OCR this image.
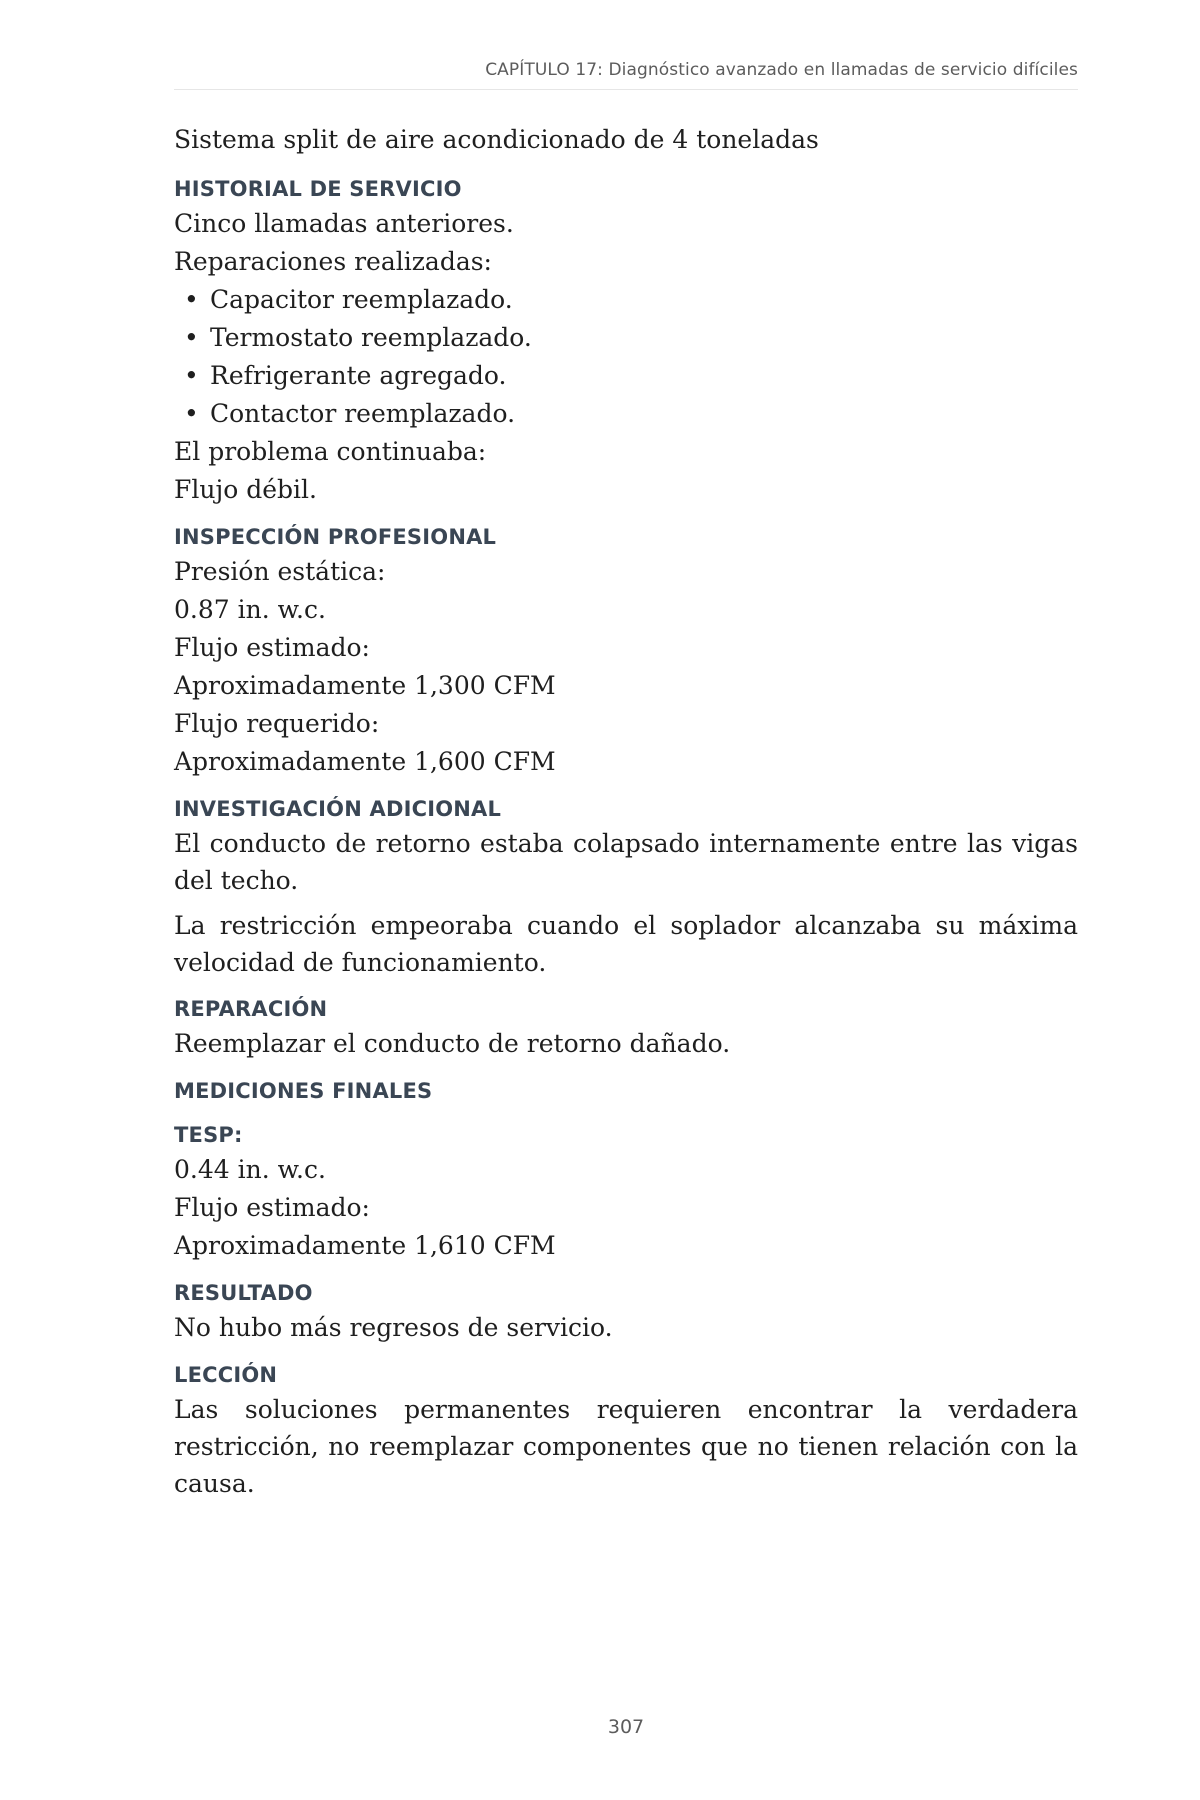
CAPÍTULO 17: Diagnóstico avanzado en llamadas de servicio difíciles

Sistema split de aire acondicionado de 4 toneladas

HISTORIAL DE SERVICIO

Cinco llamadas anteriores.

Reparaciones realizadas:

• Capacitor reemplazado.
• Termostato reemplazado.
• Refrigerante agregado.
• Contactor reemplazado.

El problema continuaba:

Flujo débil.

INSPECCIÓN PROFESIONAL

Presión estática:

0.87 in. w.c.

Flujo estimado:

Aproximadamente 1,300 CFM

Flujo requerido:

Aproximadamente 1,600 CFM

INVESTIGACIÓN ADICIONAL

El conducto de retorno estaba colapsado internamente entre las vigas del techo.

La restricción empeoraba cuando el soplador alcanzaba su máxima velocidad de funcionamiento.

REPARACIÓN

Reemplazar el conducto de retorno dañado.

MEDICIONES FINALES
TESP:

0.44 in. w.c.

Flujo estimado:

Aproximadamente 1,610 CFM

RESULTADO

No hubo más regresos de servicio.

LECCIÓN

Las soluciones permanentes requieren encontrar la verdadera restricción, no reemplazar componentes que no tienen relación con la causa.

307
